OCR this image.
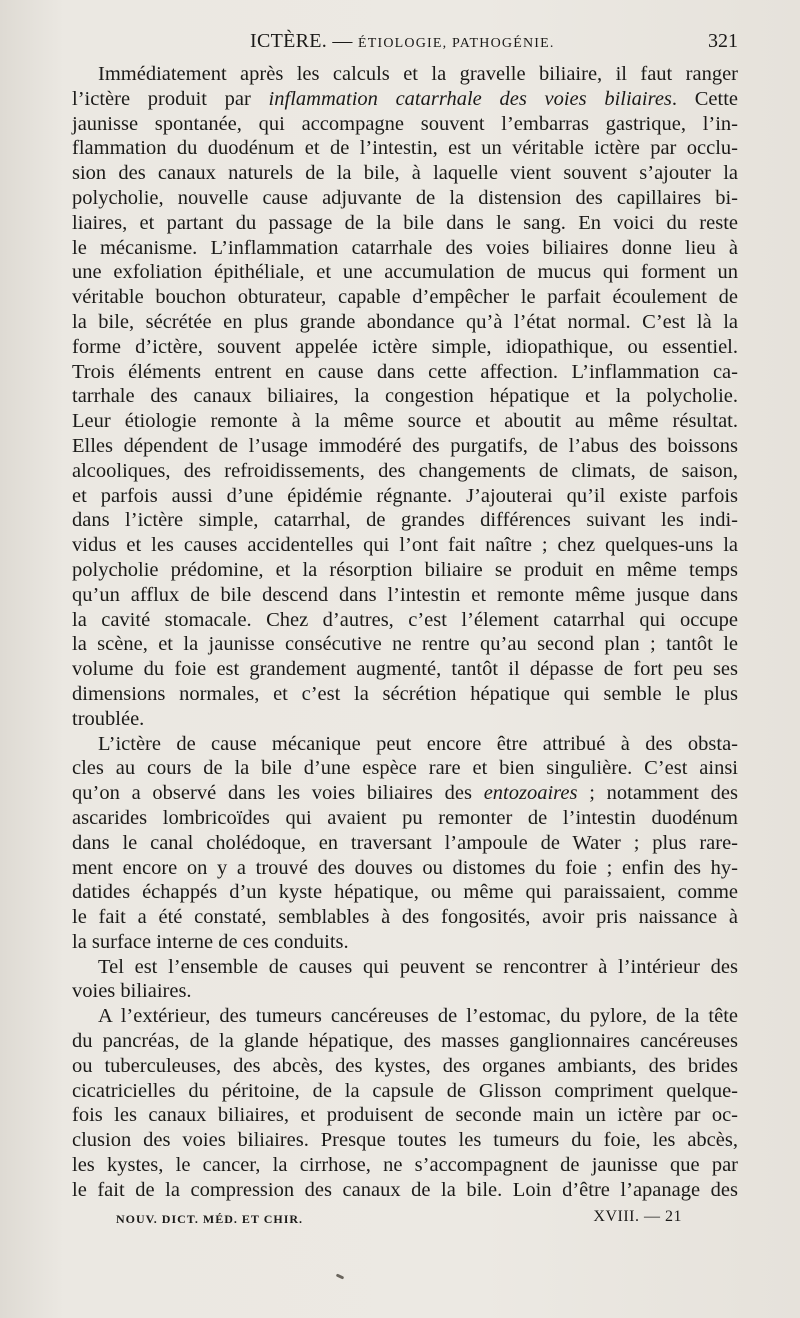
ICTÈRE. — ÉTIOLOGIE, PATHOGÉNIE.	321
Immédiatement après les calculs et la gravelle biliaire, il faut ranger
l’ictère produit par inflammation catarrhale des voies biliaires. Cette
jaunisse spontanée, qui accompagne souvent l’embarras gastrique, l’in-
flammation du duodénum et de l’intestin, est un véritable ictère par occlu-
sion des canaux naturels de la bile, à laquelle vient souvent s’ajouter la
polycholie, nouvelle cause adjuvante de la distension des capillaires bi-
liaires, et partant du passage de la bile dans le sang. En voici du reste
le mécanisme. L’inflammation catarrhale des voies biliaires donne lieu à
une exfoliation épithéliale, et une accumulation de mucus qui forment un
véritable bouchon obturateur, capable d’empêcher le parfait écoulement de
la bile, sécrétée en plus grande abondance qu’à l’état normal. C’est là la
forme d’ictère, souvent appelée ictère simple, idiopathique, ou essentiel.
Trois éléments entrent en cause dans cette affection. L’inflammation ca-
tarrhale des canaux biliaires, la congestion hépatique et la polycholie.
Leur étiologie remonte à la même source et aboutit au même résultat.
Elles dépendent de l’usage immodéré des purgatifs, de l’abus des boissons
alcooliques, des refroidissements, des changements de climats, de saison,
et parfois aussi d’une épidémie régnante. J’ajouterai qu’il existe parfois
dans l’ictère simple, catarrhal, de grandes différences suivant les indi-
vidus et les causes accidentelles qui l’ont fait naître ; chez quelques-uns la
polycholie prédomine, et la résorption biliaire se produit en même temps
qu’un afflux de bile descend dans l’intestin et remonte même jusque dans
la cavité stomacale. Chez d’autres, c’est l’élement catarrhal qui occupe
la scène, et la jaunisse consécutive ne rentre qu’au second plan ; tantôt le
volume du foie est grandement augmenté, tantôt il dépasse de fort peu ses
dimensions normales, et c’est la sécrétion hépatique qui semble le plus
troublée.
L’ictère de cause mécanique peut encore être attribué à des obsta-
cles au cours de la bile d’une espèce rare et bien singulière. C’est ainsi
qu’on a observé dans les voies biliaires des entozoaires ; notamment des
ascarides lombricoïdes qui avaient pu remonter de l’intestin duodénum
dans le canal cholédoque, en traversant l’ampoule de Water ; plus rare-
ment encore on y a trouvé des douves ou distomes du foie ; enfin des hy-
datides échappés d’un kyste hépatique, ou même qui paraissaient, comme
le fait a été constaté, semblables à des fongosités, avoir pris naissance à
la surface interne de ces conduits.
Tel est l’ensemble de causes qui peuvent se rencontrer à l’intérieur des
voies biliaires.
A l’extérieur, des tumeurs cancéreuses de l’estomac, du pylore, de la tête
du pancréas, de la glande hépatique, des masses ganglionnaires cancéreuses
ou tuberculeuses, des abcès, des kystes, des organes ambiants, des brides
cicatricielles du péritoine, de la capsule de Glisson compriment quelque-
fois les canaux biliaires, et produisent de seconde main un ictère par oc-
clusion des voies biliaires. Presque toutes les tumeurs du foie, les abcès,
les kystes, le cancer, la cirrhose, ne s’accompagnent de jaunisse que par
le fait de la compression des canaux de la bile. Loin d’être l’apanage des
NOUV. DICT. MÉD. ET CHIR.	XVIII. — 21
